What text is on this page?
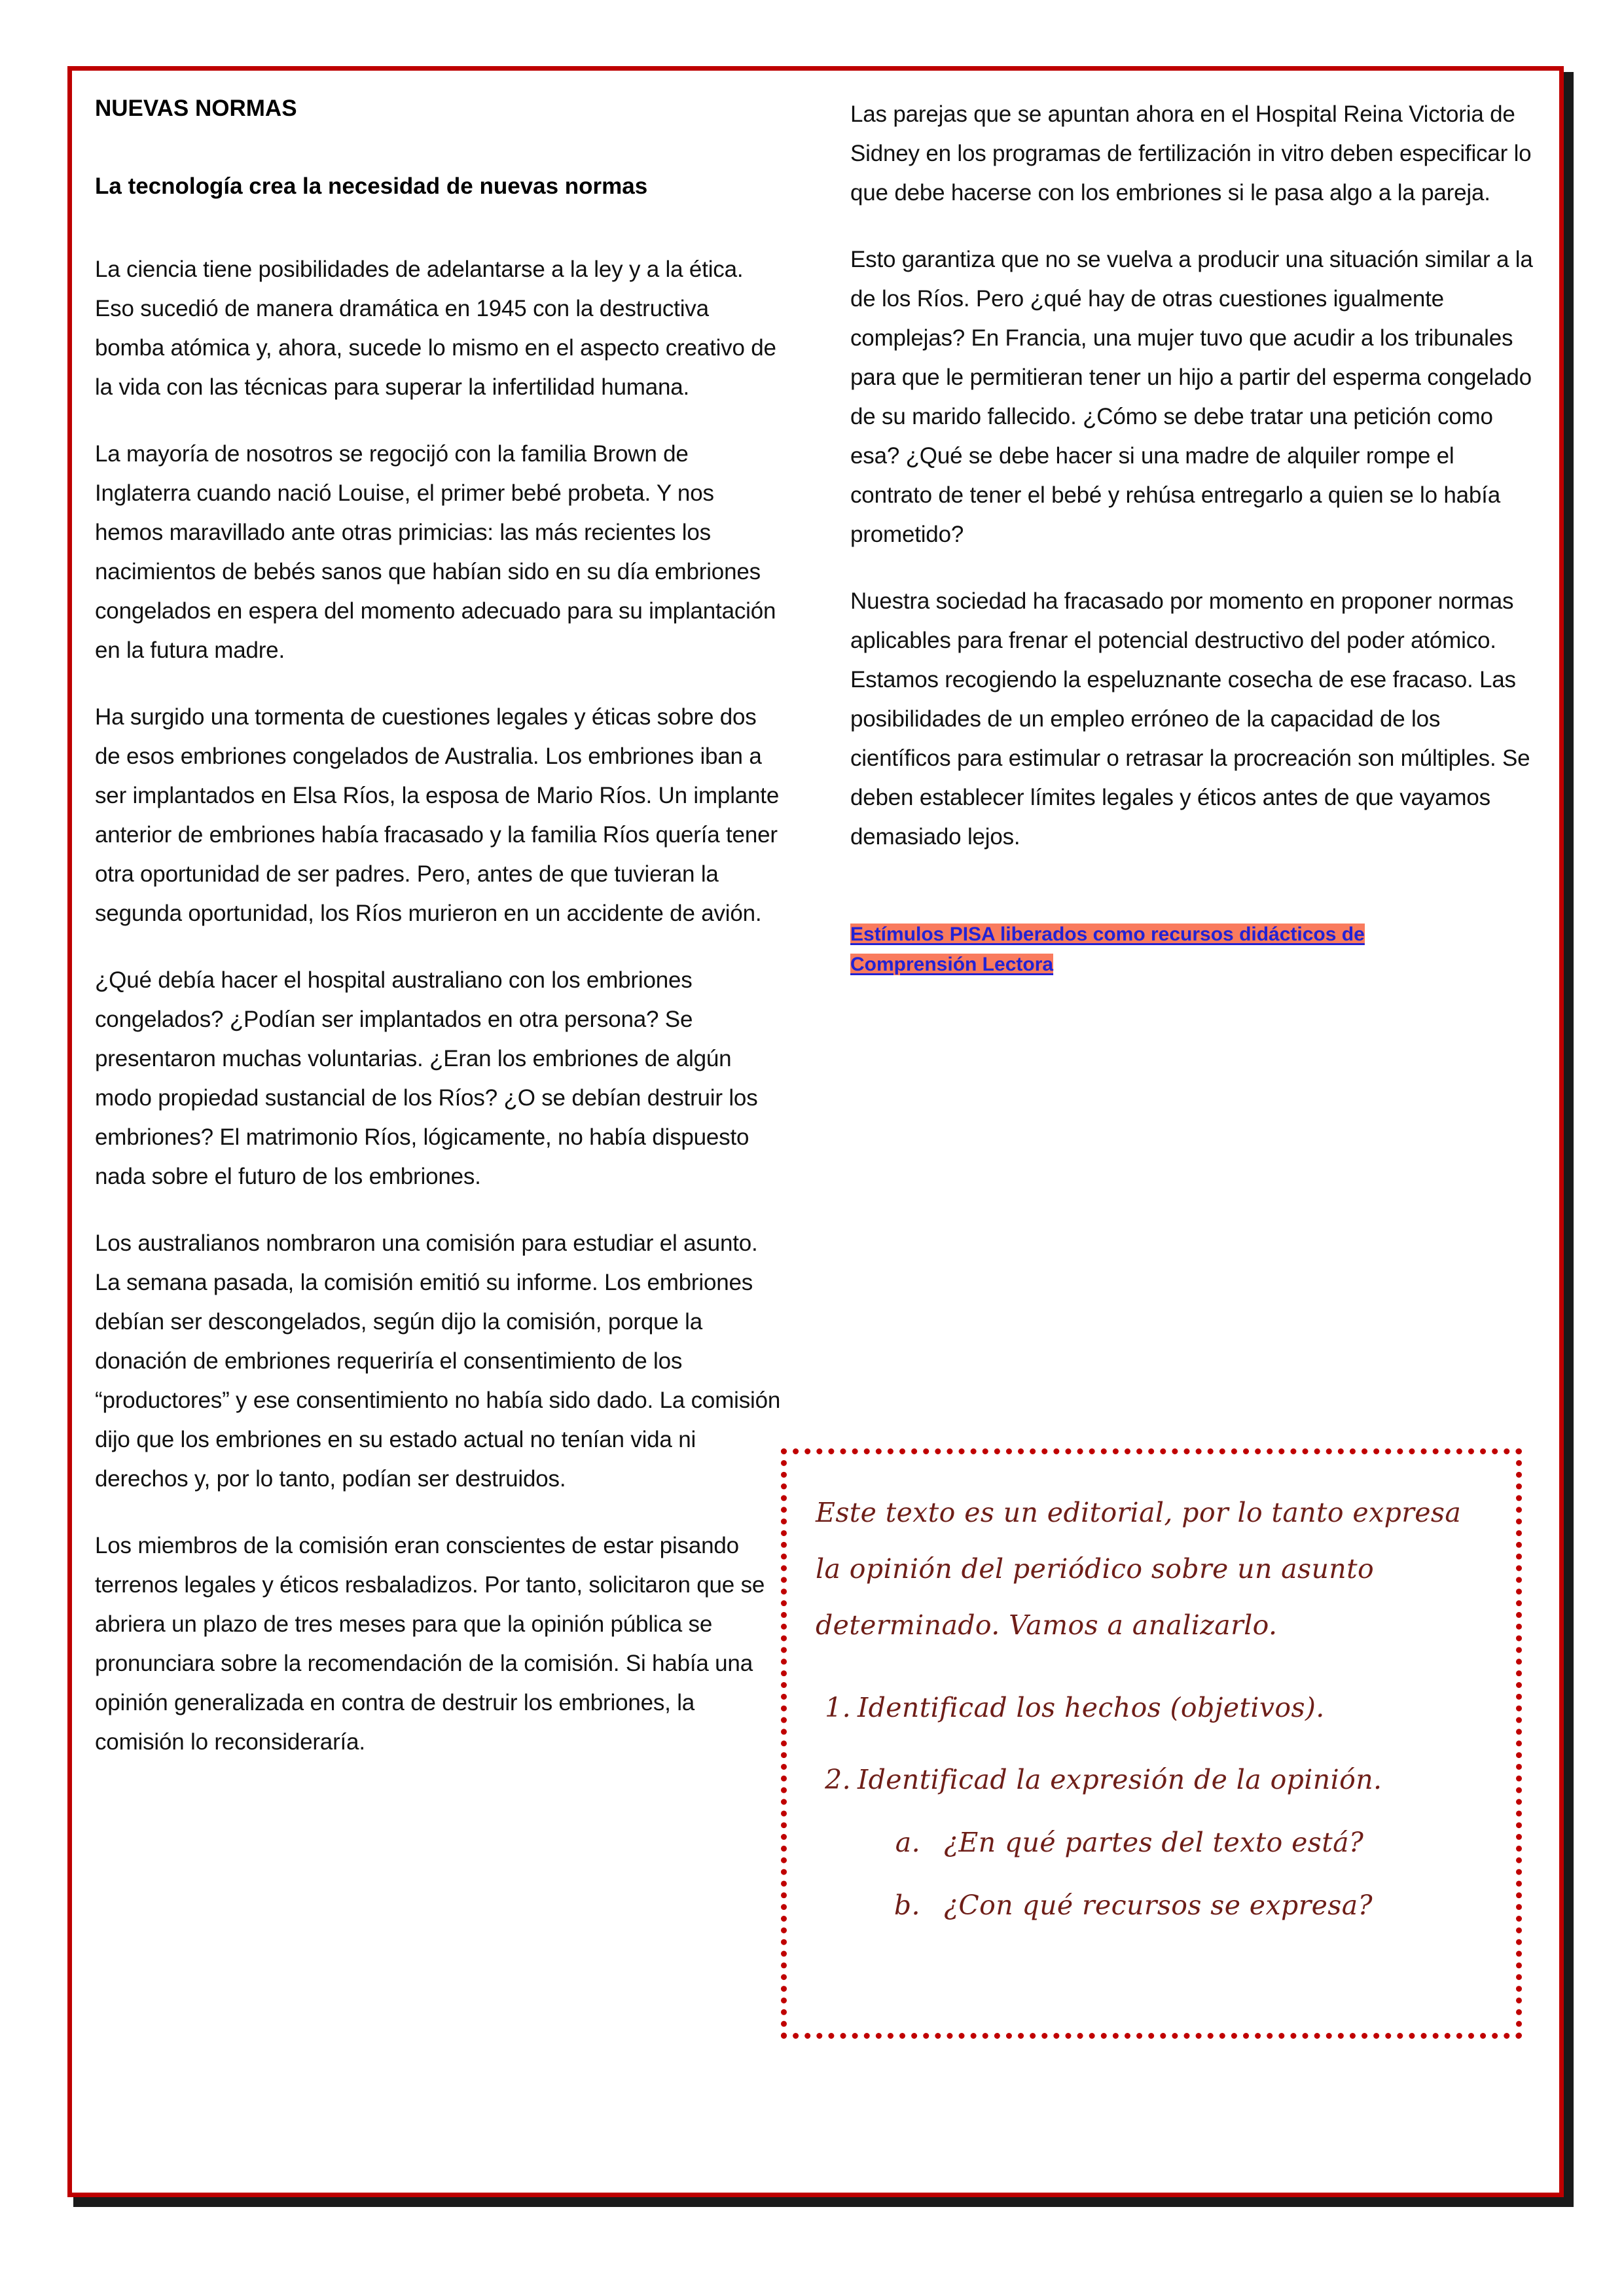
NUEVAS NORMAS
La tecnología crea la necesidad de nuevas normas

La ciencia tiene posibilidades de adelantarse a la ley y a la ética. Eso sucedió de manera dramática en 1945 con la destructiva bomba atómica y, ahora, sucede lo mismo en el aspecto creativo de la vida con las técnicas para superar la infertilidad humana.

La mayoría de nosotros se regocijó con la familia Brown de Inglaterra cuando nació Louise, el primer bebé probeta. Y nos hemos maravillado ante otras primicias: las más recientes los nacimientos de bebés sanos que habían sido en su día embriones congelados en espera del momento adecuado para su implantación en la futura madre.

Ha surgido una tormenta de cuestiones legales y éticas sobre dos de esos embriones congelados de Australia. Los embriones iban a ser implantados en Elsa Ríos, la esposa de Mario Ríos. Un implante anterior de embriones había fracasado y la familia Ríos quería tener otra oportunidad de ser padres. Pero, antes de que tuvieran la segunda oportunidad, los Ríos murieron en un accidente de avión.

¿Qué debía hacer el hospital australiano con los embriones congelados? ¿Podían ser implantados en otra persona? Se presentaron muchas voluntarias. ¿Eran los embriones de algún modo propiedad sustancial de los Ríos? ¿O se debían destruir los embriones? El matrimonio Ríos, lógicamente, no había dispuesto nada sobre el futuro de los embriones.

Los australianos nombraron una comisión para estudiar el asunto. La semana pasada, la comisión emitió su informe. Los embriones debían ser descongelados, según dijo la comisión, porque la donación de embriones requeriría el consentimiento de los “productores” y ese consentimiento no había sido dado. La comisión dijo que los embriones en su estado actual no tenían vida ni derechos y, por lo tanto, podían ser destruidos.

Los miembros de la comisión eran conscientes de estar pisando terrenos legales y éticos resbaladizos. Por tanto, solicitaron que se abriera un plazo de tres meses para que la opinión pública se pronunciara sobre la recomendación de la comisión. Si había una opinión generalizada en contra de destruir los embriones, la comisión lo reconsideraría.

Las parejas que se apuntan ahora en el Hospital Reina Victoria de Sidney en los programas de fertilización in vitro deben especificar lo que debe hacerse con los embriones si le pasa algo a la pareja.

Esto garantiza que no se vuelva a producir una situación similar a la de los Ríos. Pero ¿qué hay de otras cuestiones igualmente complejas? En Francia, una mujer tuvo que acudir a los tribunales para que le permitieran tener un hijo a partir del esperma congelado de su marido fallecido. ¿Cómo se debe tratar una petición como esa? ¿Qué se debe hacer si una madre de alquiler rompe el contrato de tener el bebé y rehúsa entregarlo a quien se lo había prometido?

Nuestra sociedad ha fracasado por momento en proponer normas aplicables para frenar el potencial destructivo del poder atómico. Estamos recogiendo la espeluznante cosecha de ese fracaso. Las posibilidades de un empleo erróneo de la capacidad de los científicos para estimular o retrasar la procreación son múltiples. Se deben establecer límites legales y éticos antes de que vayamos demasiado lejos.

Estímulos PISA liberados como recursos didácticos de Comprensión Lectora

Este texto es un editorial, por lo tanto expresa la opinión del periódico sobre un asunto determinado. Vamos a analizarlo.

1. Identificad los hechos (objetivos).
2. Identificad la expresión de la opinión.
a. ¿En qué partes del texto está?
b. ¿Con qué recursos se expresa?
